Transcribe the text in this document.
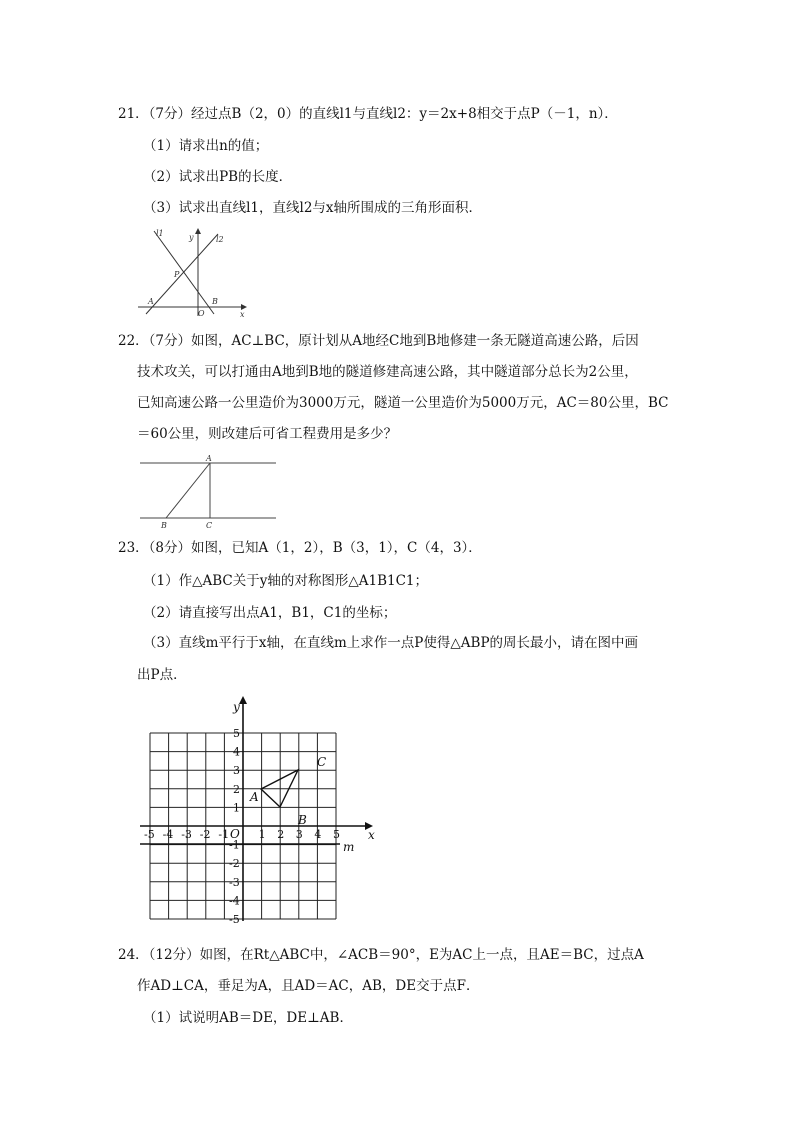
21．（7分）经过点B（2，0）的直线l1与直线l2：y＝2x+8相交于点P（－1，n）．
（1）请求出n的值；
（2）试求出PB的长度．
（3）试求出直线l1，直线l2与x轴所围成的三角形面积．
l1	y	l2
P
A
O
B
x
22．（7分）如图，AC⊥BC，原计划从A地经C地到B地修建一条无隧道高速公路，后因
技术攻关，可以打通由A地到B地的隧道修建高速公路，其中隧道部分总长为2公里，
已知高速公路一公里造价为3000万元，隧道一公里造价为5000万元，AC＝80公里，BC
＝60公里，则改建后可省工程费用是多少？
A
B	C
23．（8分）如图，已知A（1，2），B（3，1），C（4，3）．
（1）作△ABC关于y轴的对称图形△A1B1C1；
（2）请直接写出点A1，B1，C1的坐标；
（3）直线m平行于x轴，在直线m上求作一点P使得△ABP的周长最小，请在图中画
出P点．
x
y
O
m
A
B
C
-5 -4 -3 -2 -1	1 2 3 4 5
5
4
3
2
1
-1
-2
-3
-4
-5
24．（12分）如图，在Rt△ABC中，∠ACB＝90°，E为AC上一点，且AE＝BC，过点A
作AD⊥CA，垂足为A，且AD＝AC，AB，DE交于点F．
（1）试说明AB＝DE，DE⊥AB．
